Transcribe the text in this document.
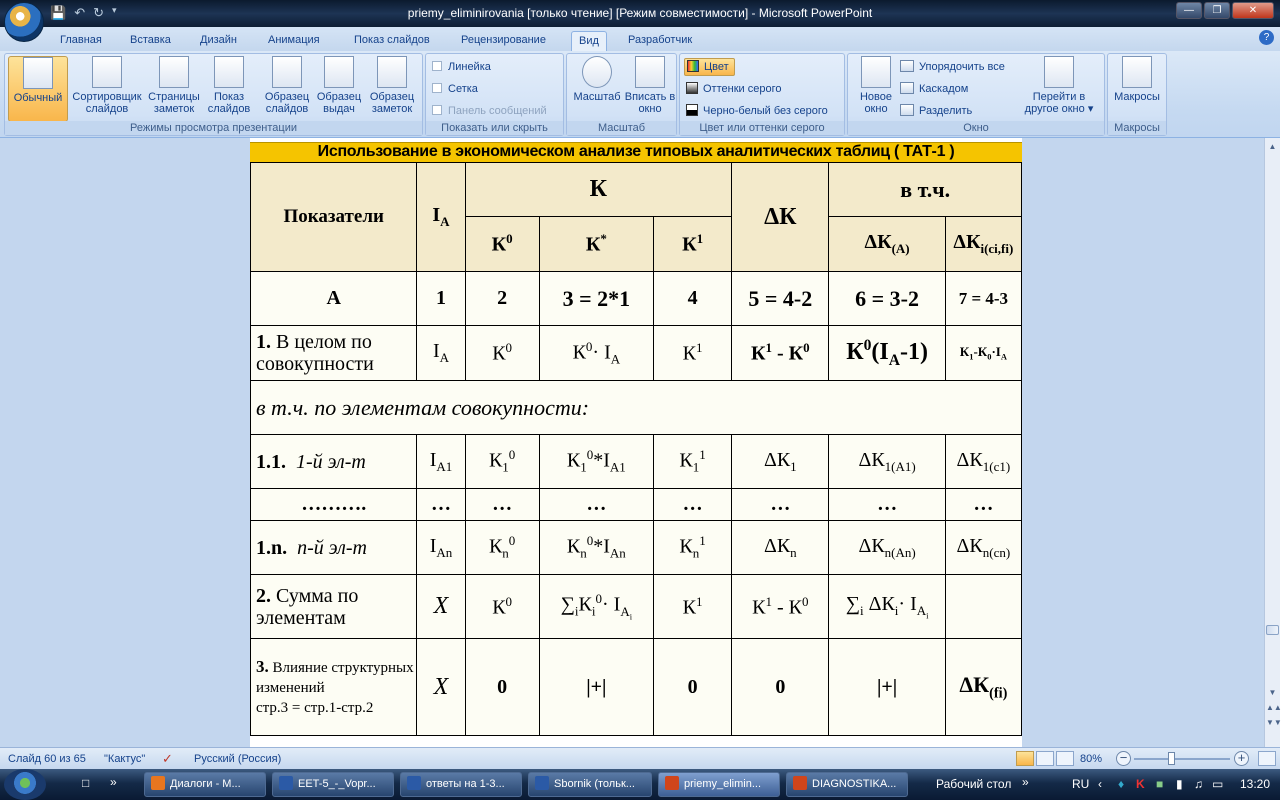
💾 ↶ ↻ ▾	priemy_eliminirovania [только чтение] [Режим совместимости] - Microsoft PowerPoint	—	❐	✕
Главная	Вставка	Дизайн	Анимация	Показ слайдов	Рецензирование	Вид	Разработчик	?
Обычный Сортировщик слайдов
Страницы заметок
Показ слайдов
Образец слайдов
Образец выдач
Образец заметок
Режимы просмотра презентации
Линейка
Сетка
Панель сообщений
Показать или скрыть
Масштаб Вписать в окно
Масштаб
Цвет
Оттенки серого
Черно-белый без серого
Цвет или оттенки серого
Новое окно
Упорядочить все
Каскадом
Разделить
Перейти в другое окно ▾
Окно
Макросы
Макросы
Использование в экономическом анализе типовых аналитических таблиц ( ТАТ-1 )
Показатели	$I_A$	К			ΔК	в т.ч.	
		$К^0$	К*	$К^1$		$\Delta К_{(А)}$	$\Delta К_{i(ci,fi)}$
А	1	2	3 = 2*1	4	5 = 4-2	6 = 3-2	7 = 4-3
1. В целом по совокупности	$I_A$	$К^0$	$К^0\cdot I_A$	$К^1$	$К^1 - К^0$	$К^0(I_A-1)$	$К_1-К_0\cdot I_A$
в т.ч. по элементам совокупности:							
1.1. 1-й эл-т	$I_{A1}$	$К_1^0$	$К_1^0*I_{A1}$	$К_1^1$	$\Delta К_1$	$\Delta К_{1(A1)}$	$\Delta К_{1(c1)}$
……….	…	…	…	…	…	…	…
1.n. n-й эл-т	$I_{An}$	$К_n^0$	$К_n^0*I_{An}$	$К_n^1$	$\Delta К_n$	$\Delta К_{n(An)}$	$\Delta К_{n(cn)}$
2. Сумма по элементам	X	$К^0$	$\sum_iК_i^0\cdot I_{A_i}$	$К^1$	$К^1 - К^0$	$\sum_i$ $\Delta К_i\cdot I_{A_i}$	
3. Влияние структурных изменений
стр.3 = стр.1-стр.2	X	0	|+|	0	0	|+|	$\Delta К_{(fi)}$
▲
▼
▲▲
▼▼
Слайд 60 из 65 "Кактус" ✓ Русский (Россия)	80% −	+
□ »	Диалоги - M...	EET-5_-_Vopr...	ответы на 1-3...	Sbornik (тольк...	priemy_elimin...	DIAGNOSTIKA...	Рабочий стол »	RU ‹ ♦ K ■ ▮ ♫ ▭ 13:20
